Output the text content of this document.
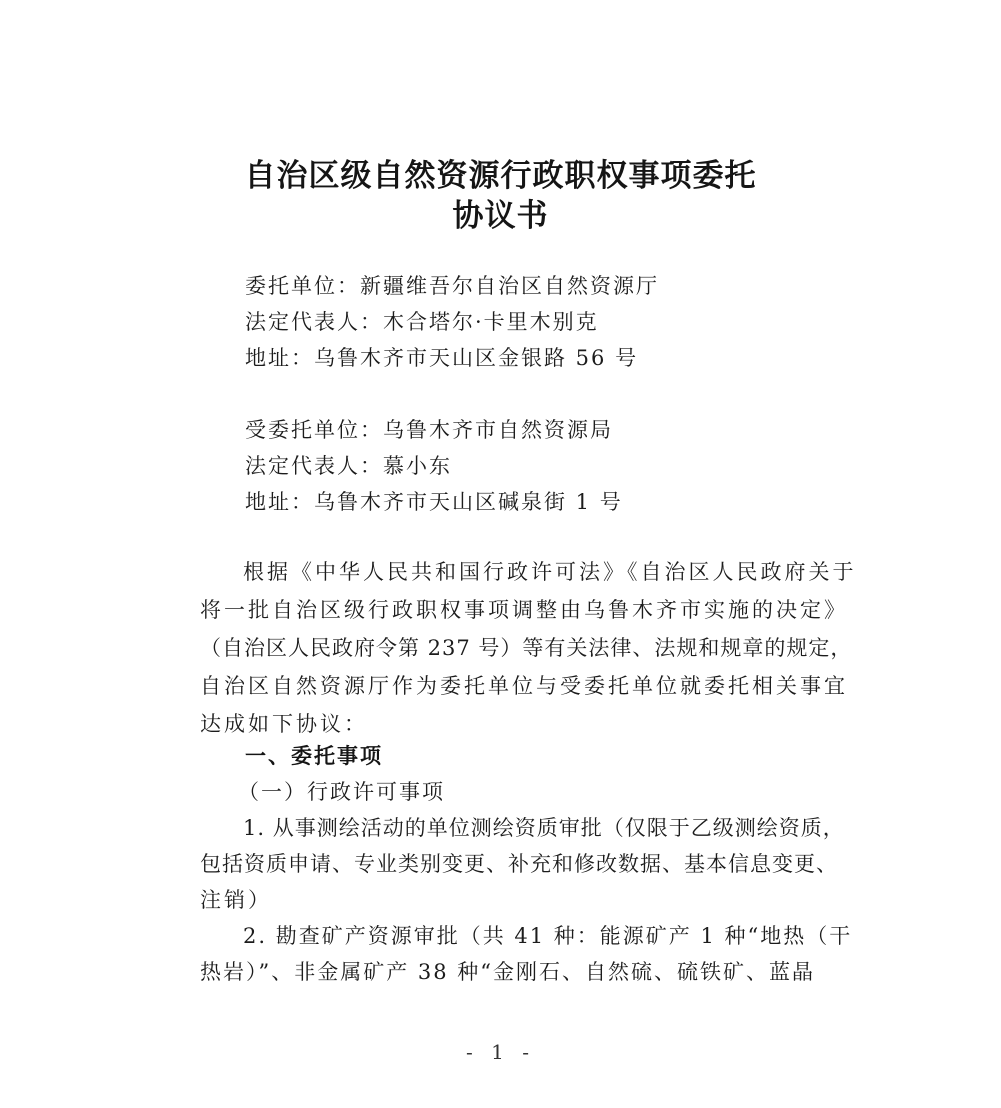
自治区级自然资源行政职权事项委托
协议书
委托单位：新疆维吾尔自治区自然资源厅
法定代表人：木合塔尔·卡里木别克
地址：乌鲁木齐市天山区金银路 56 号
受委托单位：乌鲁木齐市自然资源局
法定代表人：慕小东
地址：乌鲁木齐市天山区碱泉街 1 号
根据《中华人民共和国行政许可法》《自治区人民政府关于
将一批自治区级行政职权事项调整由乌鲁木齐市实施的决定》
（自治区人民政府令第 237 号）等有关法律、法规和规章的规定，
自治区自然资源厅作为委托单位与受委托单位就委托相关事宜
达成如下协议：
一、委托事项
（一）行政许可事项
1. 从事测绘活动的单位测绘资质审批（仅限于乙级测绘资质，
包括资质申请、专业类别变更、补充和修改数据、基本信息变更、
注销）
2. 勘查矿产资源审批（共 41 种：能源矿产 1 种“地热（干
热岩）”、非金属矿产 38 种“金刚石、自然硫、硫铁矿、蓝晶
- 1 -
